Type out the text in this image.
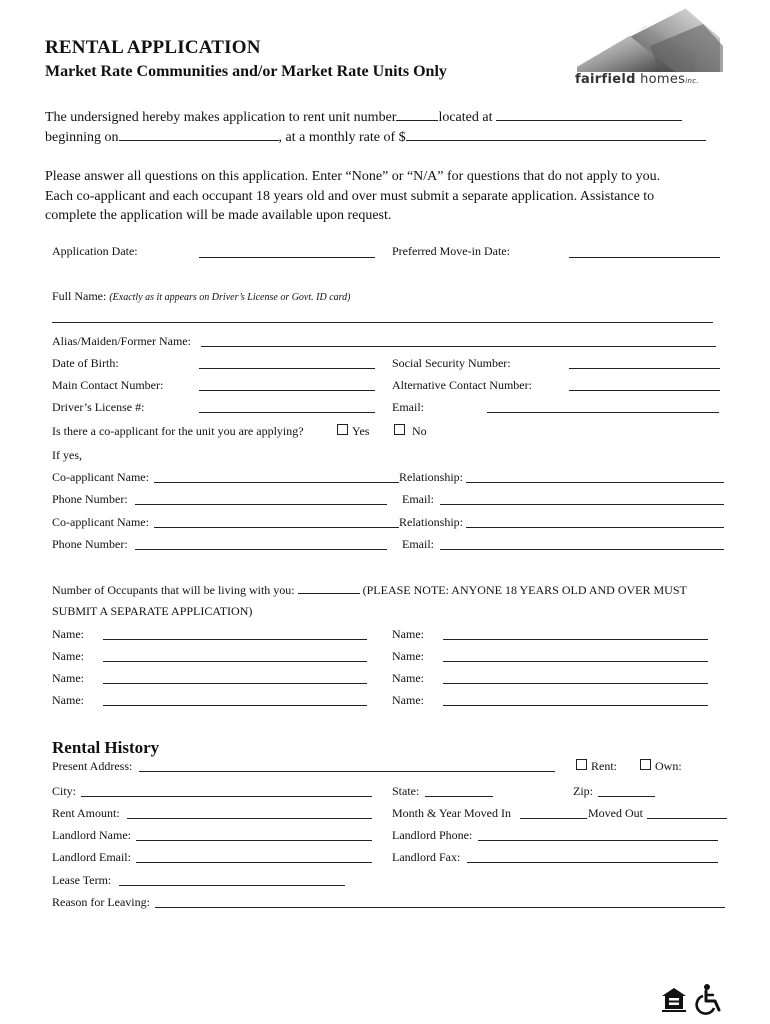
RENTAL APPLICATION
Market Rate Communities and/or Market Rate Units Only	fairfield homesinc.
The undersigned hereby makes application to rent unit number	located at
beginning on	, at a monthly rate of $
Please answer all questions on this application. Enter “None” or “N/A” for questions that do not apply to you.
Each co-applicant and each occupant 18 years old and over must submit a separate application. Assistance to
complete the application will be made available upon request.
Application Date:	Preferred Move-in Date:
Full Name: (Exactly as it appears on Driver’s License or Govt. ID card)
Alias/Maiden/Former Name:
Date of Birth:	Social Security Number:
Main Contact Number:	Alternative Contact Number:
Driver’s License #:	Email:
Is there a co-applicant for the unit you are applying?	Yes	No
If yes,
Co-applicant Name:	Relationship:
Phone Number:	Email:
Co-applicant Name:	Relationship:
Phone Number:	Email:
Number of Occupants that will be living with you:	(PLEASE NOTE: ANYONE 18 YEARS OLD AND OVER MUST
SUBMIT A SEPARATE APPLICATION)
Name:	Name:
Name:	Name:
Name:	Name:
Name:	Name:
Rental History
Present Address:	Rent:	Own:
City:	State:	Zip:
Rent Amount:	Month & Year Moved In	Moved Out
Landlord Name:	Landlord Phone:
Landlord Email:	Landlord Fax:
Lease Term:
Reason for Leaving:
